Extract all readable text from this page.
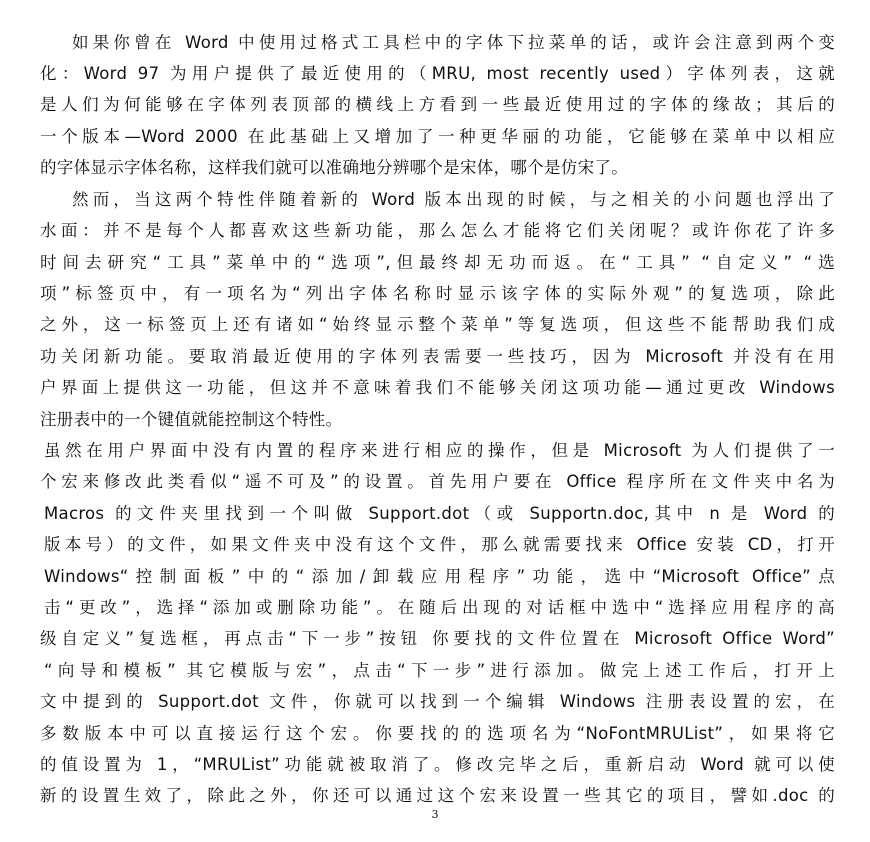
如果你曾在 Word 中使用过格式工具栏中的字体下拉菜单的话，或许会注意到两个变
化：Word 97 为用户提供了最近使用的（MRU, most recently used）字体列表，这就
是人们为何能够在字体列表顶部的横线上方看到一些最近使用过的字体的缘故；其后的
一个版本—Word 2000 在此基础上又增加了一种更华丽的功能，它能够在菜单中以相应
的字体显示字体名称，这样我们就可以准确地分辨哪个是宋体，哪个是仿宋了。
然而，当这两个特性伴随着新的 Word 版本出现的时候，与之相关的小问题也浮出了
水面：并不是每个人都喜欢这些新功能，那么怎么才能将它们关闭呢？或许你花了许多
时间去研究“工具”菜单中的“选项”,但最终却无功而返。在“工具” “自定义” “选
项”标签页中，有一项名为“列出字体名称时显示该字体的实际外观”的复选项，除此
之外，这一标签页上还有诸如“始终显示整个菜单”等复选项，但这些不能帮助我们成
功关闭新功能。要取消最近使用的字体列表需要一些技巧，因为 Microsoft 并没有在用
户界面上提供这一功能，但这并不意味着我们不能够关闭这项功能—通过更改 Windows
注册表中的一个键值就能控制这个特性。
虽然在用户界面中没有内置的程序来进行相应的操作，但是 Microsoft 为人们提供了一
个宏来修改此类看似“遥不可及”的设置。首先用户要在 Office 程序所在文件夹中名为
Macros 的文件夹里找到一个叫做 Support.dot（或 Supportn.doc,其中 n 是 Word 的
版本号）的文件，如果文件夹中没有这个文件，那么就需要找来 Office 安装 CD，打开
Windows“控制面板”中的“添加/卸载应用程序”功能，选中“Microsoft Office”点
击“更改”，选择“添加或删除功能”。在随后出现的对话框中选中“选择应用程序的高
级自定义”复选框，再点击“下一步”按钮 你要找的文件位置在 Microsoft Office Word”
“向导和模板” 其它模版与宏”，点击“下一步”进行添加。做完上述工作后，打开上
文中提到的 Support.dot 文件，你就可以找到一个编辑 Windows 注册表设置的宏，在
多数版本中可以直接运行这个宏。你要找的的选项名为“NoFontMRUList”，如果将它
的值设置为 1，“MRUList”功能就被取消了。修改完毕之后，重新启动 Word 就可以使
新的设置生效了，除此之外，你还可以通过这个宏来设置一些其它的项目，譬如.doc 的
3
